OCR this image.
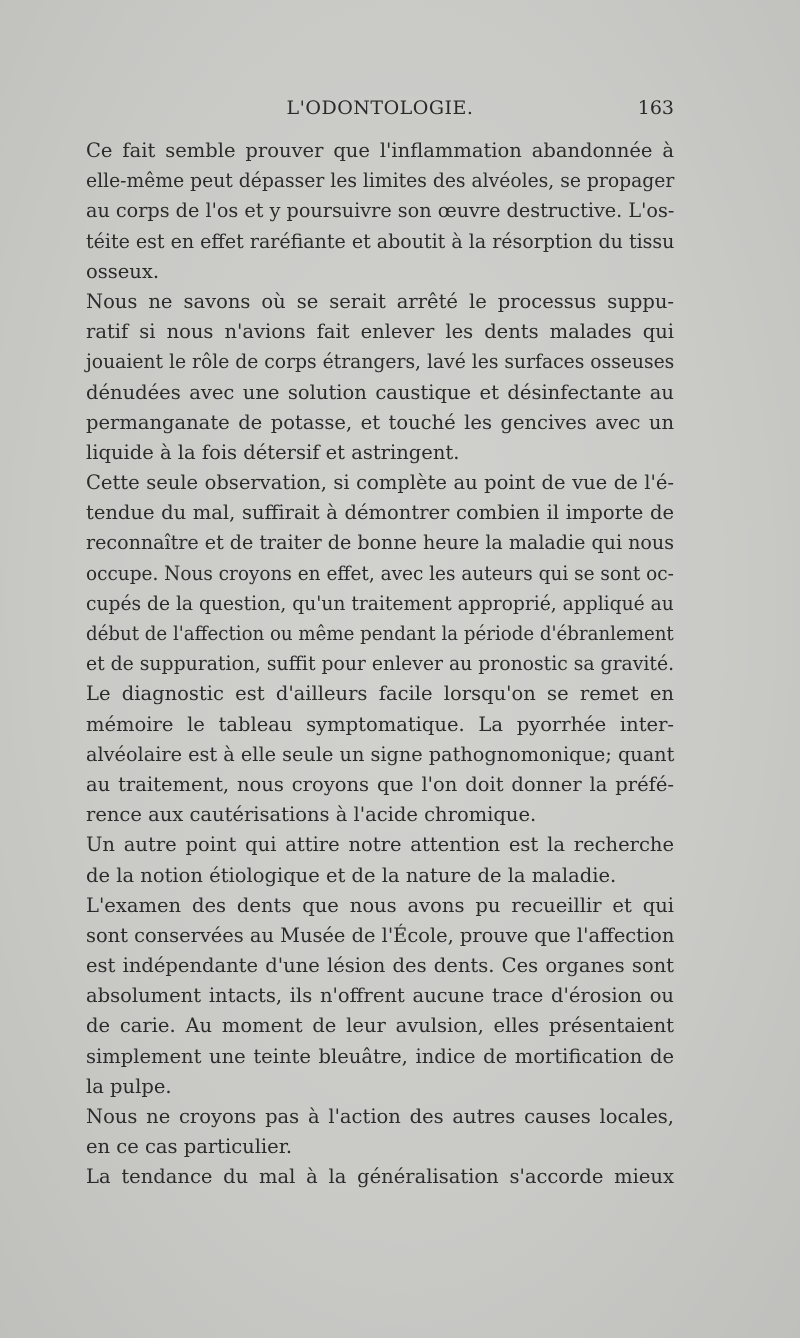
L'ODONTOLOGIE.	163

Ce fait semble prouver que l'inflammation abandonnée à
elle-même peut dépasser les limites des alvéoles, se propager
au corps de l'os et y poursuivre son œuvre destructive. L'os-
téite est en effet raréfiante et aboutit à la résorption du tissu
osseux.

Nous ne savons où se serait arrêté le processus suppu-
ratif si nous n'avions fait enlever les dents malades qui
jouaient le rôle de corps étrangers, lavé les surfaces osseuses
dénudées avec une solution caustique et désinfectante au
permanganate de potasse, et touché les gencives avec un
liquide à la fois détersif et astringent.

Cette seule observation, si complète au point de vue de l'é-
tendue du mal, suffirait à démontrer combien il importe de
reconnaître et de traiter de bonne heure la maladie qui nous
occupe. Nous croyons en effet, avec les auteurs qui se sont oc-
cupés de la question, qu'un traitement approprié, appliqué au
début de l'affection ou même pendant la période d'ébranlement
et de suppuration, suffit pour enlever au pronostic sa gravité.

Le diagnostic est d'ailleurs facile lorsqu'on se remet en
mémoire le tableau symptomatique. La pyorrhée inter-
alvéolaire est à elle seule un signe pathognomonique; quant
au traitement, nous croyons que l'on doit donner la préfé-
rence aux cautérisations à l'acide chromique.

Un autre point qui attire notre attention est la recherche
de la notion étiologique et de la nature de la maladie.

L'examen des dents que nous avons pu recueillir et qui
sont conservées au Musée de l'École, prouve que l'affection
est indépendante d'une lésion des dents. Ces organes sont
absolument intacts, ils n'offrent aucune trace d'érosion ou
de carie. Au moment de leur avulsion, elles présentaient
simplement une teinte bleuâtre, indice de mortification de
la pulpe.

Nous ne croyons pas à l'action des autres causes locales,
en ce cas particulier.

La tendance du mal à la généralisation s'accorde mieux
